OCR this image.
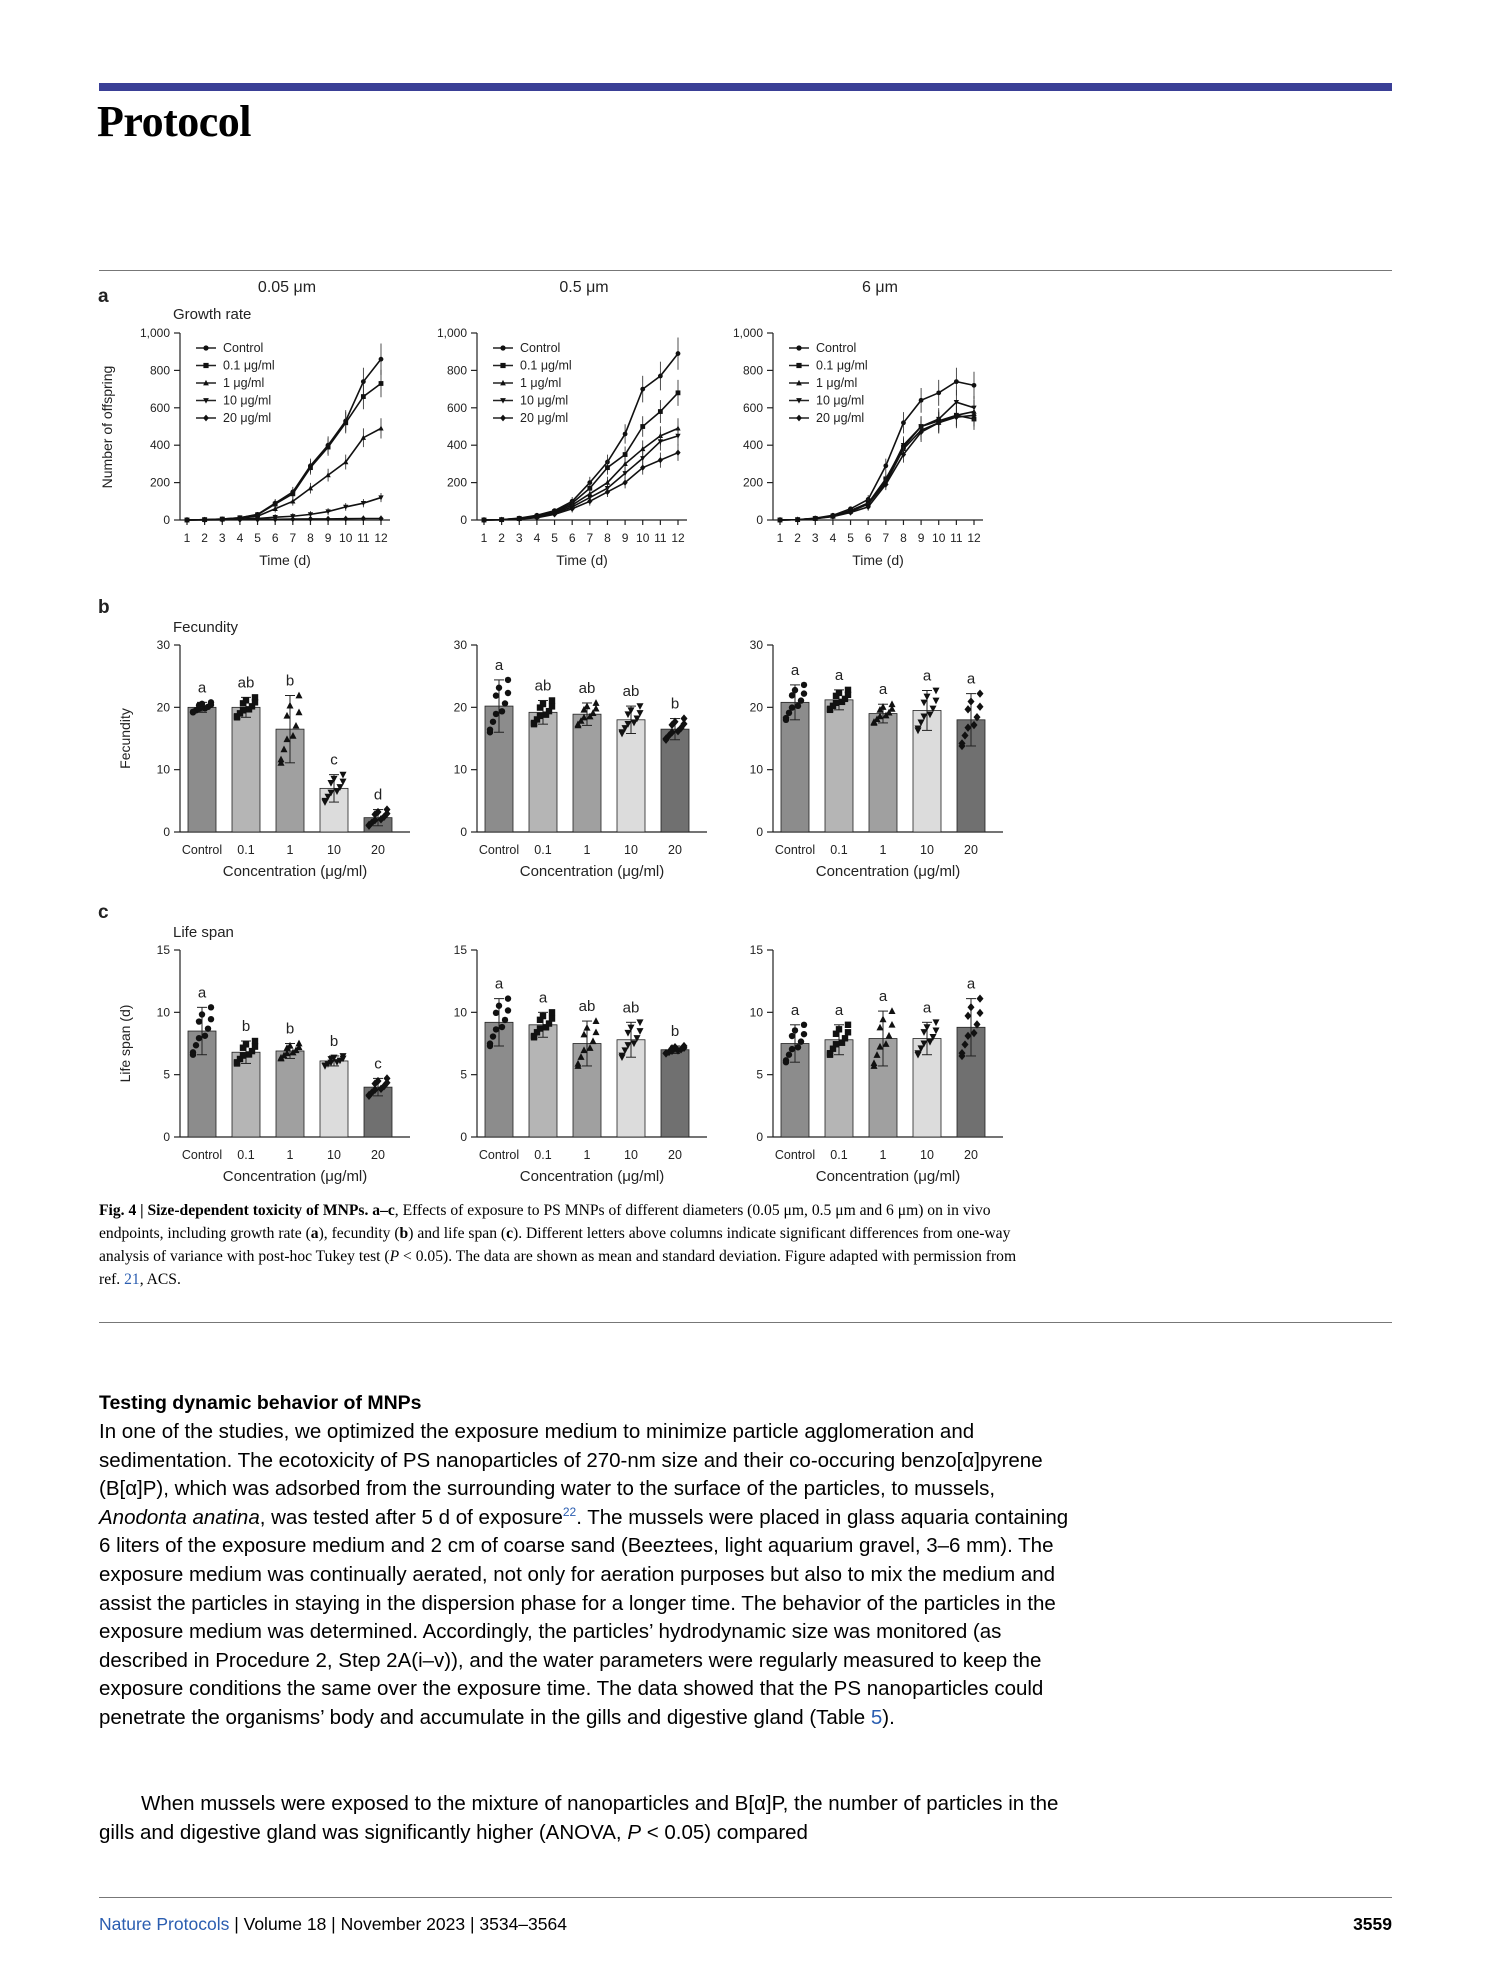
Protocol
a
b
c
0.05 μm	0.5 μm	6 μm
0
200
400
600
800
1,000
1 2 3 4 5 6 7 8 9 10 11 12
Time (d)
Control
0.1 μg/ml
1 μg/ml
10 μg/ml
20 μg/ml
0
200
400
600
800
1,000
1 2 3 4 5 6 7 8 9 10 11 12
Time (d)
Control
0.1 μg/ml
1 μg/ml
10 μg/ml
20 μg/ml
0
200
400
600
800
1,000
1 2 3 4 5 6 7 8 9 10 11 12
Time (d)
Control
0.1 μg/ml
1 μg/ml
10 μg/ml
20 μg/ml
Growth rate
Number of offspring
0
10
20
30
a
Control
ab
0.1
b
1
c
10
d
20
Concentration (μg/ml)
0
10
20
30
a
Control
ab
0.1
ab
1
ab
10
b
20
Concentration (μg/ml)
0
10
20
30
a
Control
a
0.1
a
1
a
10
a
20
Concentration (μg/ml)
Fecundity
Fecundity
0
5
10
15
a
Control
b
0.1
b
1
b
10
c
20
Concentration (μg/ml)
0
5
10
15
a
Control
a
0.1
ab
1
ab
10
b
20
Concentration (μg/ml)
0
5
10
15
a
Control
a
0.1
a
1
a
10
a
20
Concentration (μg/ml)
Life span
Life span (d)
Fig. 4 | Size-dependent toxicity of MNPs. a–c, Effects of exposure to PS MNPs of different diameters (0.05 μm, 0.5 μm and 6 μm) on in vivo endpoints, including growth rate (a), fecundity (b) and life span (c). Different letters above columns indicate significant differences from one-way analysis of variance with post-hoc Tukey test (P < 0.05). The data are shown as mean and standard deviation. Figure adapted with permission from ref. 21, ACS.
Testing dynamic behavior of MNPs
In one of the studies, we optimized the exposure medium to minimize particle agglomeration and sedimentation. The ecotoxicity of PS nanoparticles of 270-nm size and their co-occuring benzo[α]pyrene (B[α]P), which was adsorbed from the surrounding water to the surface of the particles, to mussels, Anodonta anatina, was tested after 5 d of exposure$^{22}$. The mussels were placed in glass aquaria containing 6 liters of the exposure medium and 2 cm of coarse sand (Beeztees, light aquarium gravel, 3–6 mm). The exposure medium was continually aerated, not only for aeration purposes but also to mix the medium and assist the particles in staying in the dispersion phase for a longer time. The behavior of the particles in the exposure medium was determined. Accordingly, the particles’ hydrodynamic size was monitored (as described in Procedure 2, Step 2A(i–v)), and the water parameters were regularly measured to keep the exposure conditions the same over the exposure time. The data showed that the PS nanoparticles could penetrate the organisms’ body and accumulate in the gills and digestive gland (Table 5).
When mussels were exposed to the mixture of nanoparticles and B[α]P, the number of particles in the gills and digestive gland was significantly higher (ANOVA, P < 0.05) compared
Nature Protocols | Volume 18 | November 2023 | 3534–3564	3559
